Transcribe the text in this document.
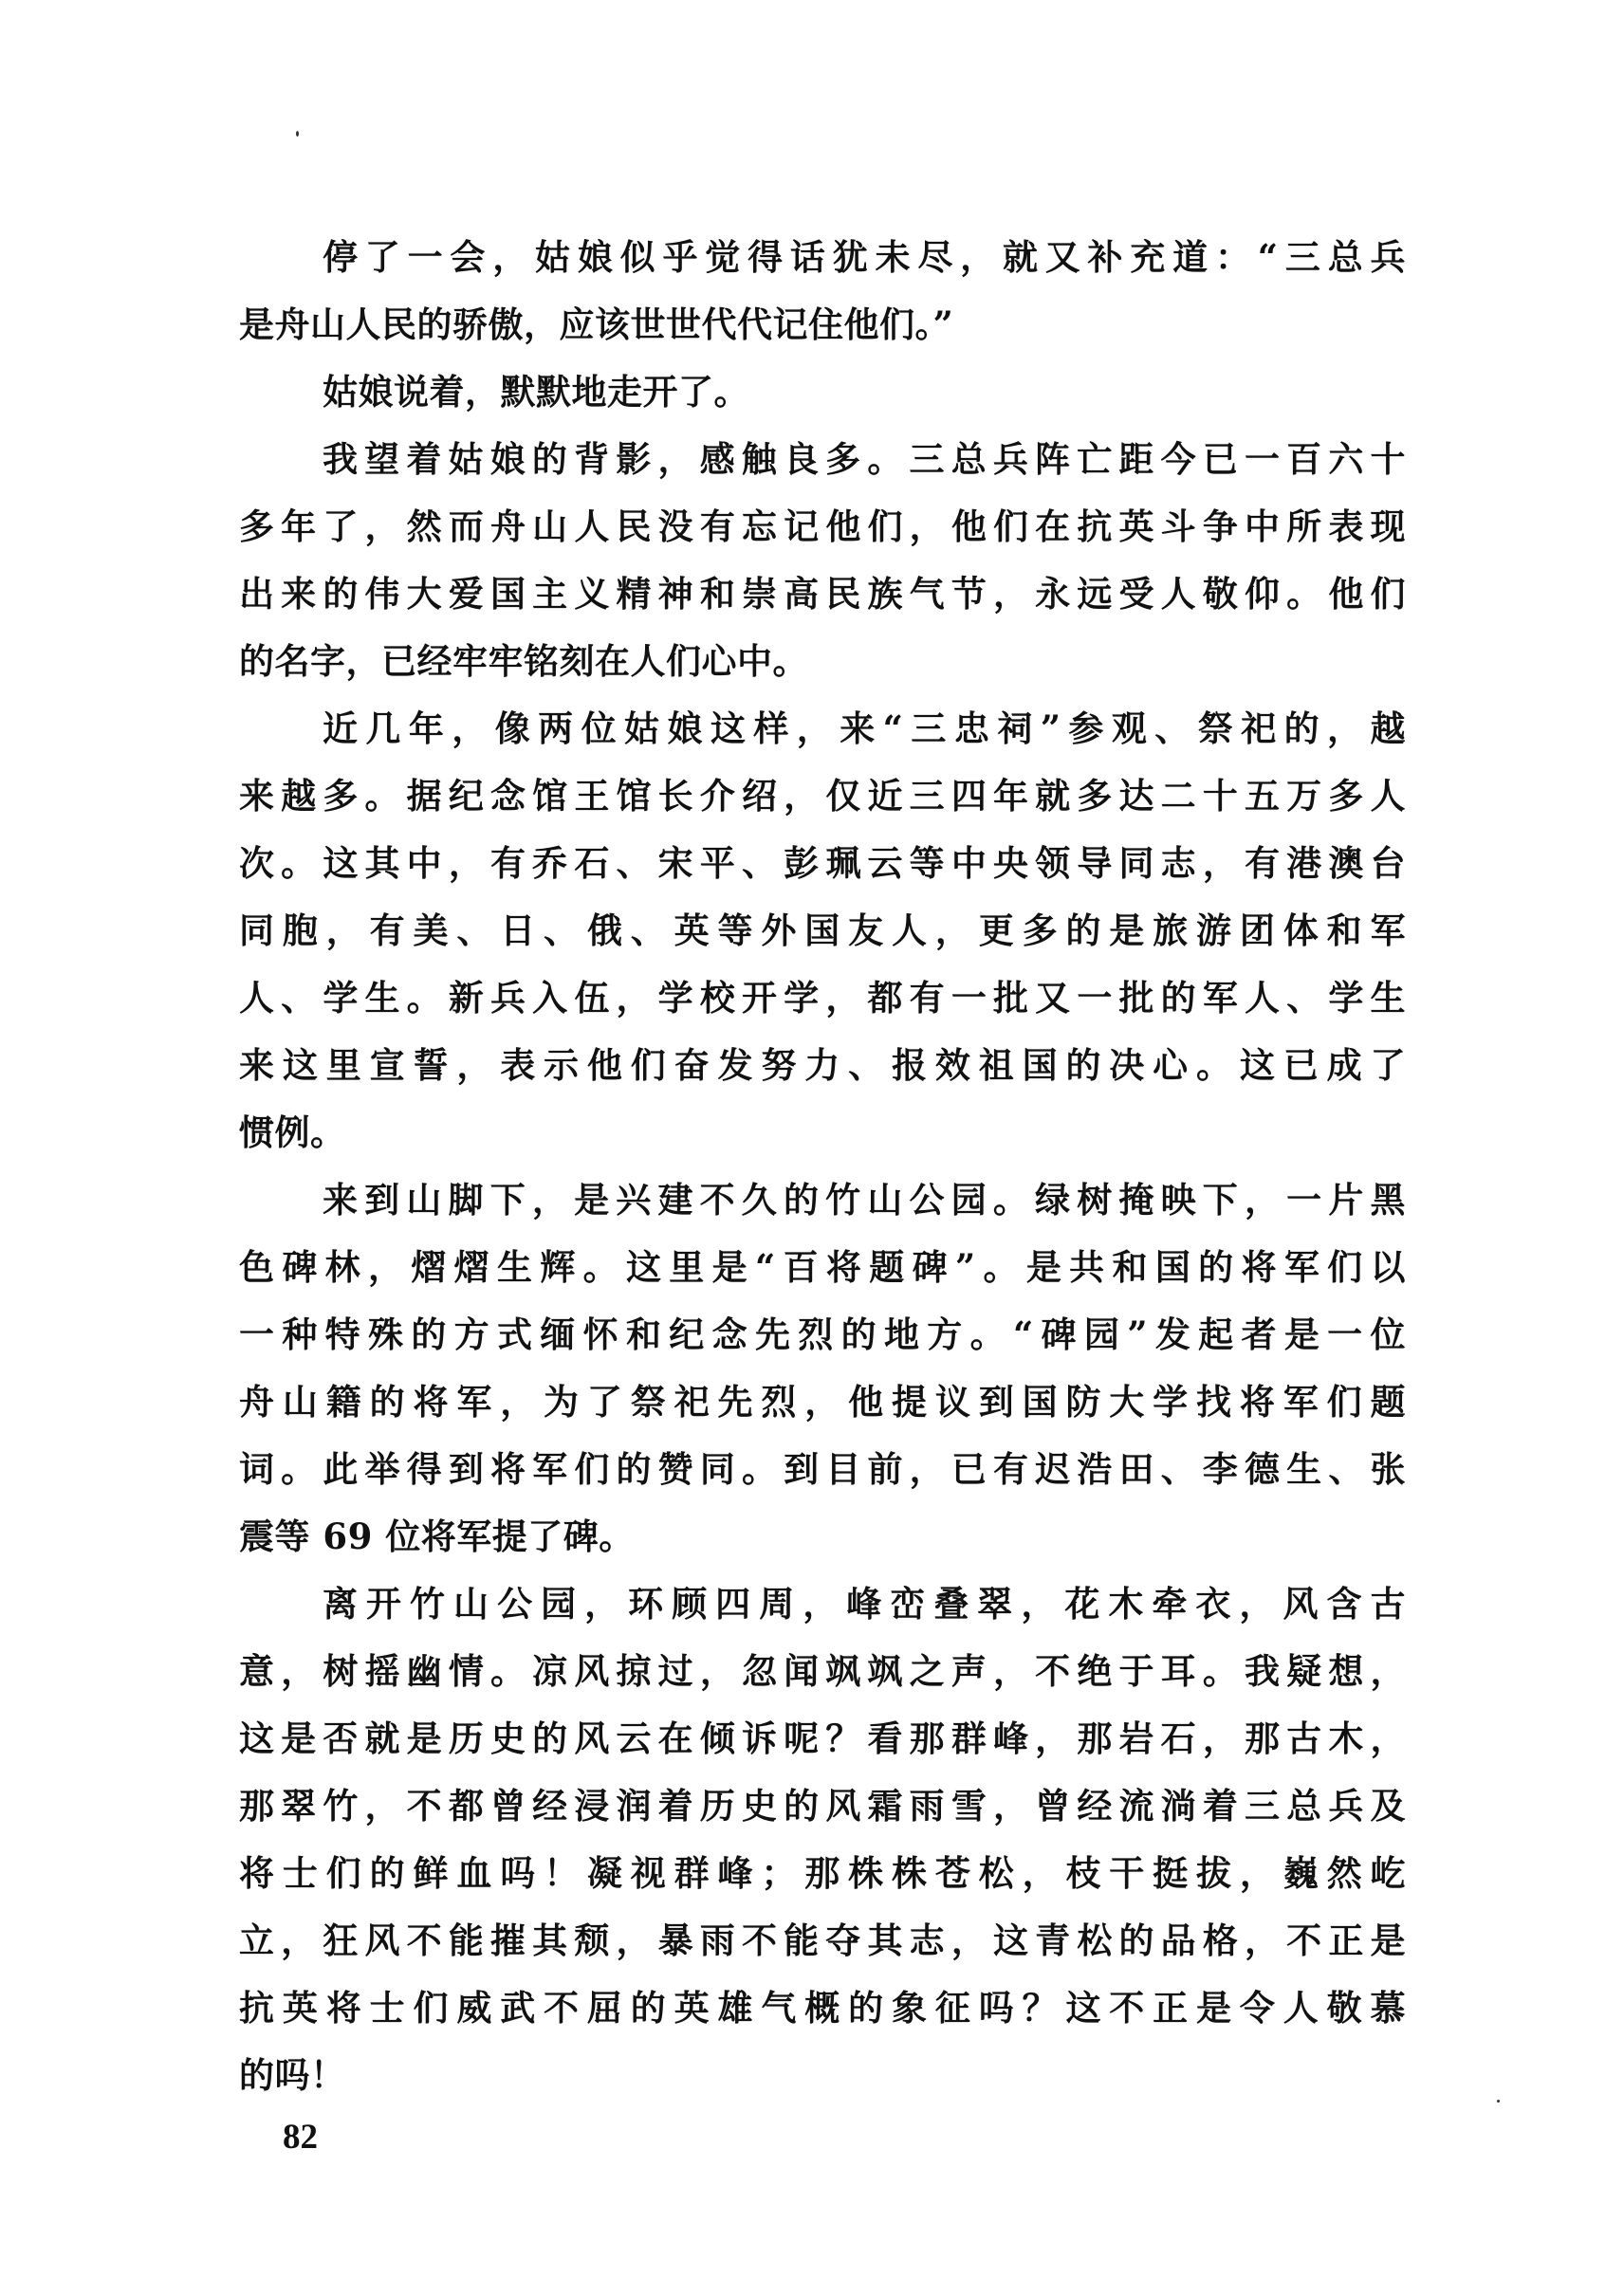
停了一会，姑娘似乎觉得话犹未尽，就又补充道：“三总兵
是舟山人民的骄傲，应该世世代代记住他们。”
姑娘说着，默默地走开了。
我望着姑娘的背影，感触良多。三总兵阵亡距今已一百六十
多年了，然而舟山人民没有忘记他们，他们在抗英斗争中所表现
出来的伟大爱国主义精神和崇高民族气节，永远受人敬仰。他们
的名字，已经牢牢铭刻在人们心中。
近几年，像两位姑娘这样，来“三忠祠”参观、祭祀的，越
来越多。据纪念馆王馆长介绍，仅近三四年就多达二十五万多人
次。这其中，有乔石、宋平、彭珮云等中央领导同志，有港澳台
同胞，有美、日、俄、英等外国友人，更多的是旅游团体和军
人、学生。新兵入伍，学校开学，都有一批又一批的军人、学生
来这里宣誓，表示他们奋发努力、报效祖国的决心。这已成了
惯例。
来到山脚下，是兴建不久的竹山公园。绿树掩映下，一片黑
色碑林，熠熠生辉。这里是“百将题碑”。是共和国的将军们以
一种特殊的方式缅怀和纪念先烈的地方。“碑园”发起者是一位
舟山籍的将军，为了祭祀先烈，他提议到国防大学找将军们题
词。此举得到将军们的赞同。到目前，已有迟浩田、李德生、张
震等 69 位将军提了碑。
离开竹山公园，环顾四周，峰峦叠翠，花木牵衣，风含古
意，树摇幽情。凉风掠过，忽闻飒飒之声，不绝于耳。我疑想，
这是否就是历史的风云在倾诉呢？看那群峰，那岩石，那古木，
那翠竹，不都曾经浸润着历史的风霜雨雪，曾经流淌着三总兵及
将士们的鲜血吗！凝视群峰；那株株苍松，枝干挺拔，巍然屹
立，狂风不能摧其颓，暴雨不能夺其志，这青松的品格，不正是
抗英将士们威武不屈的英雄气概的象征吗？这不正是令人敬慕
的吗！
82
